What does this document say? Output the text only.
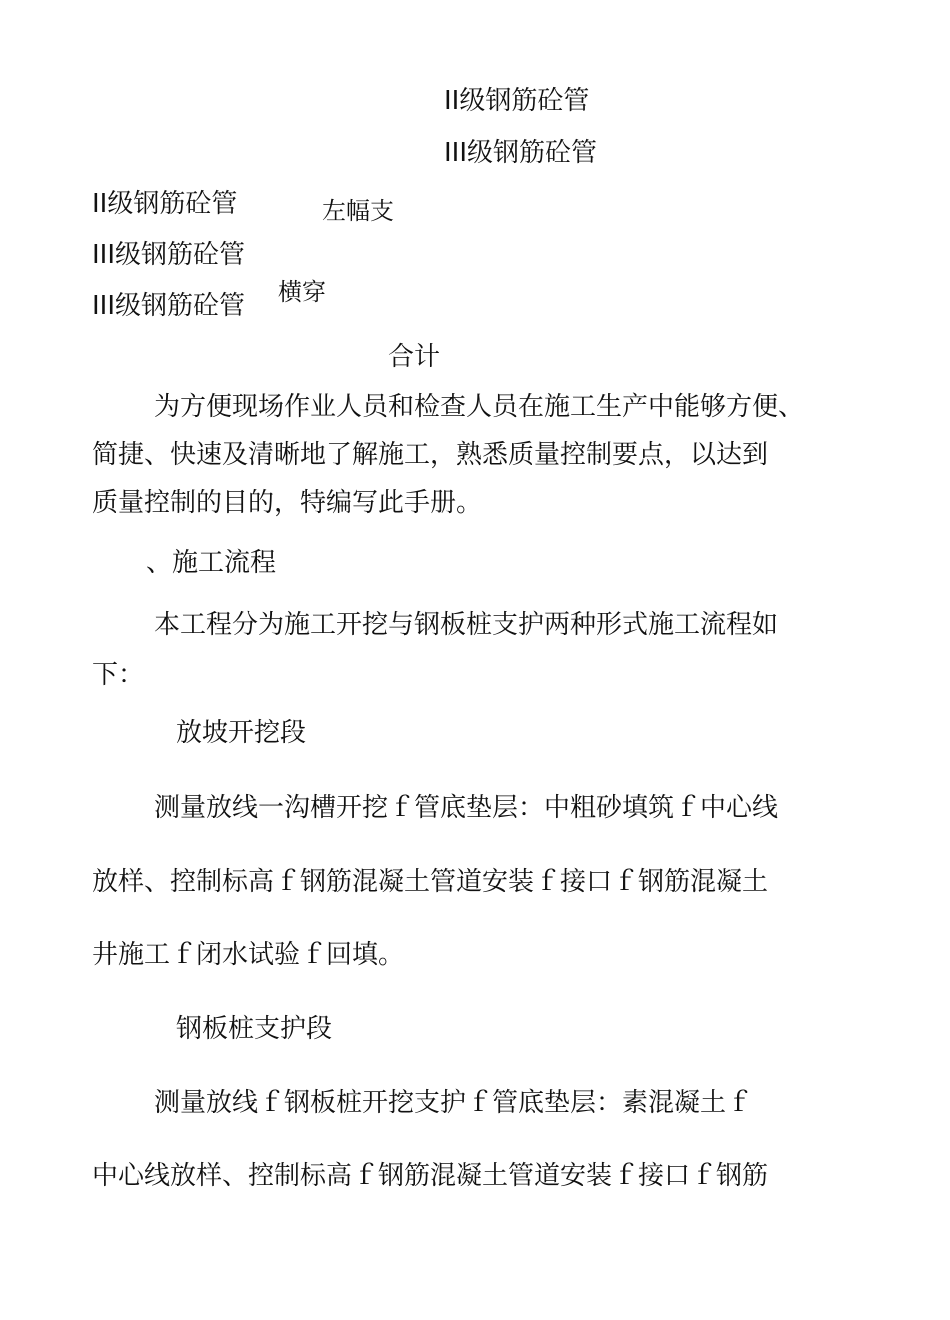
II级钢筋砼管
III级钢筋砼管
II级钢筋砼管	左幅支
III级钢筋砼管
横穿
III级钢筋砼管
合计
为方便现场作业人员和检查人员在施工生产中能够方便、
简捷、快速及清晰地了解施工，熟悉质量控制要点，以达到
质量控制的目的，特编写此手册。
、施工流程
本工程分为施工开挖与钢板桩支护两种形式施工流程如
下：
放坡开挖段
测量放线一沟槽开挖ｆ管底垫层：中粗砂填筑ｆ中心线
放样、控制标高ｆ钢筋混凝土管道安装ｆ接口ｆ钢筋混凝土
井施工ｆ闭水试验ｆ回填。
钢板桩支护段
测量放线ｆ钢板桩开挖支护ｆ管底垫层：素混凝土ｆ
中心线放样、控制标高ｆ钢筋混凝土管道安装ｆ接口ｆ钢筋
